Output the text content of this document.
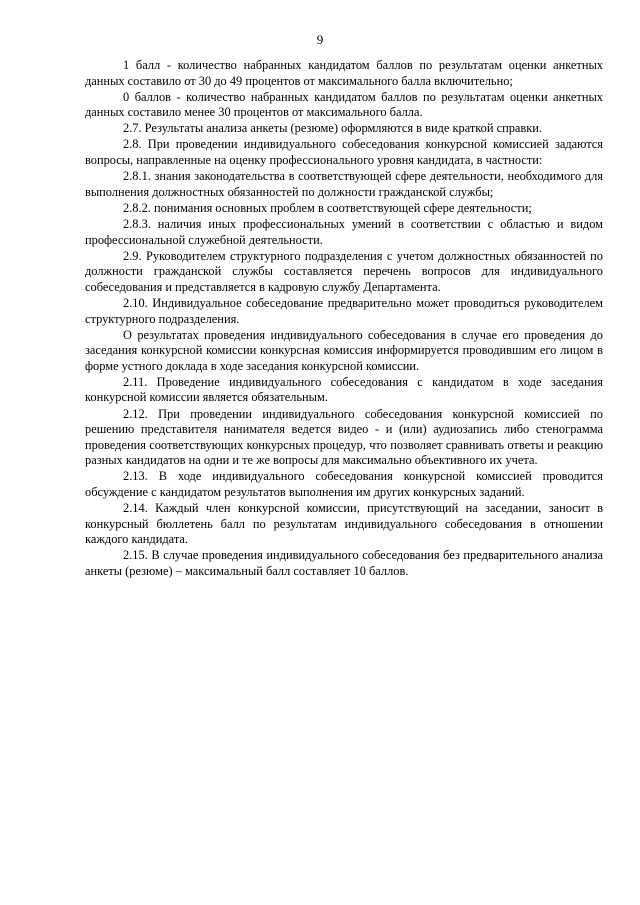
9

1 балл - количество набранных кандидатом баллов по результатам оценки анкетных данных составило от 30 до 49 процентов от максимального балла включительно;

0 баллов - количество набранных кандидатом баллов по результатам оценки анкетных данных составило менее 30 процентов от максимального балла.

2.7. Результаты анализа анкеты (резюме) оформляются в виде краткой справки.

2.8. При проведении индивидуального собеседования конкурсной комиссией задаются вопросы, направленные на оценку профессионального уровня кандидата, в частности:

2.8.1. знания законодательства в соответствующей сфере деятельности, необходимого для выполнения должностных обязанностей по должности гражданской службы;

2.8.2. понимания основных проблем в соответствующей сфере деятельности;

2.8.3. наличия иных профессиональных умений в соответствии с областью и видом профессиональной служебной деятельности.

2.9. Руководителем структурного подразделения с учетом должностных обязанностей по должности гражданской службы составляется перечень вопросов для индивидуального собеседования и представляется в кадровую службу Департамента.

2.10. Индивидуальное собеседование предварительно может проводиться руководителем структурного подразделения.

О результатах проведения индивидуального собеседования в случае его проведения до заседания конкурсной комиссии конкурсная комиссия информируется проводившим его лицом в форме устного доклада в ходе заседания конкурсной комиссии.

2.11. Проведение индивидуального собеседования с кандидатом в ходе заседания конкурсной комиссии является обязательным.

2.12. При проведении индивидуального собеседования конкурсной комиссией по решению представителя нанимателя ведется видео - и (или) аудиозапись либо стенограмма проведения соответствующих конкурсных процедур, что позволяет сравнивать ответы и реакцию разных кандидатов на одни и те же вопросы для максимально объективного их учета.

2.13. В ходе индивидуального собеседования конкурсной комиссией проводится обсуждение с кандидатом результатов выполнения им других конкурсных заданий.

2.14. Каждый член конкурсной комиссии, присутствующий на заседании, заносит в конкурсный бюллетень балл по результатам индивидуального собеседования в отношении каждого кандидата.

2.15. В случае проведения индивидуального собеседования без предварительного анализа анкеты (резюме) – максимальный балл составляет 10 баллов.
